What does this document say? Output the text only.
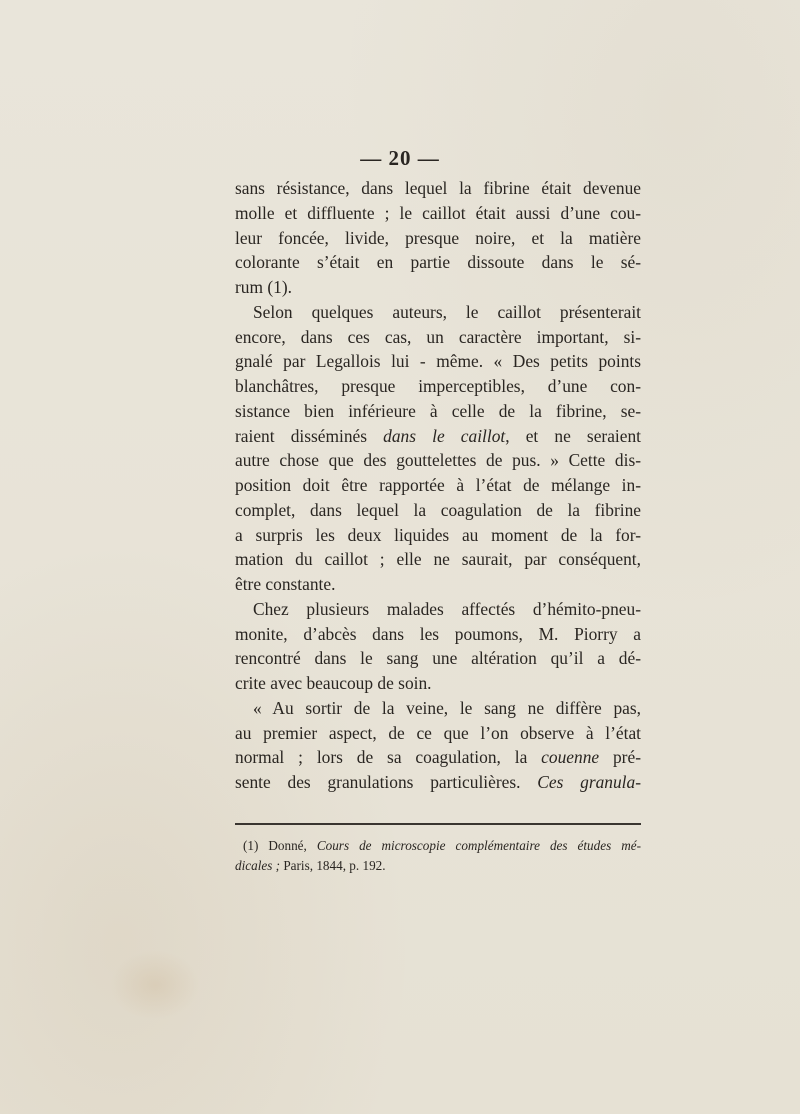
— 20 —
sans résistance, dans lequel la fibrine était devenue
molle et diffluente ; le caillot était aussi d’une cou-
leur foncée, livide, presque noire, et la matière
colorante s’était en partie dissoute dans le sé-
rum (1).
Selon quelques auteurs, le caillot présenterait
encore, dans ces cas, un caractère important, si-
gnalé par Legallois lui - même. « Des petits points
blanchâtres, presque imperceptibles, d’une con-
sistance bien inférieure à celle de la fibrine, se-
raient disséminés dans le caillot, et ne seraient
autre chose que des gouttelettes de pus. » Cette dis-
position doit être rapportée à l’état de mélange in-
complet, dans lequel la coagulation de la fibrine
a surpris les deux liquides au moment de la for-
mation du caillot ; elle ne saurait, par conséquent,
être constante.
Chez plusieurs malades affectés d’hémito-pneu-
monite, d’abcès dans les poumons, M. Piorry a
rencontré dans le sang une altération qu’il a dé-
crite avec beaucoup de soin.
« Au sortir de la veine, le sang ne diffère pas,
au premier aspect, de ce que l’on observe à l’état
normal ; lors de sa coagulation, la couenne pré-
sente des granulations particulières. Ces granula-
(1) Donné, Cours de microscopie complémentaire des études mé-
dicales ; Paris, 1844, p. 192.
